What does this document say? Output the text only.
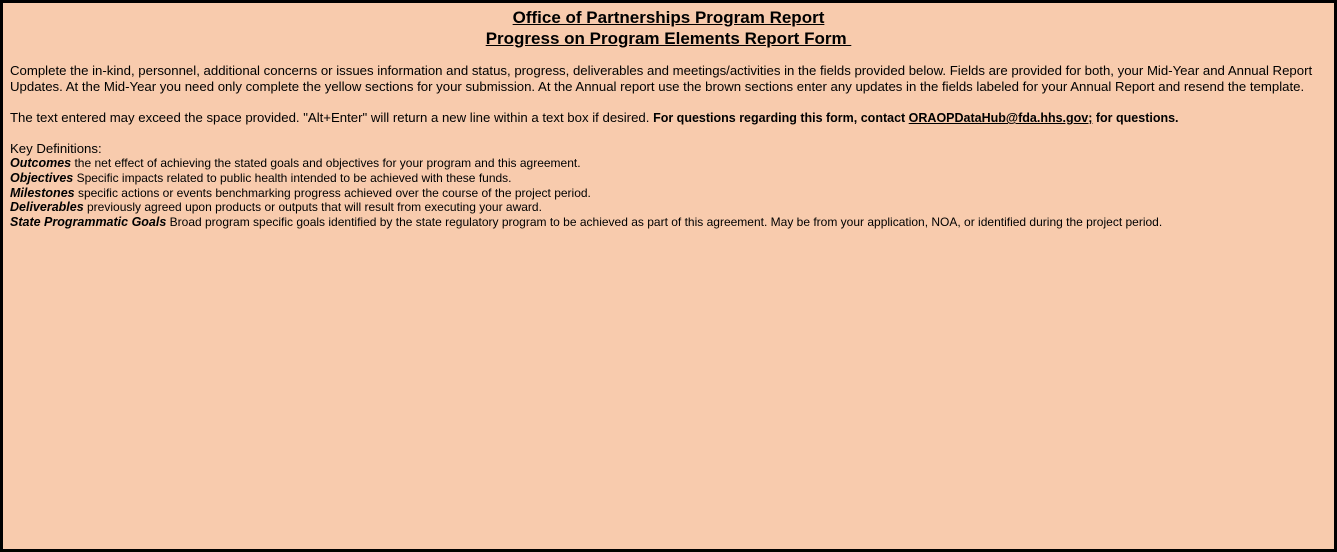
Office of Partnerships Program Report
Progress on Program Elements Report Form

Complete the in-kind, personnel, additional concerns or issues information and status, progress, deliverables and meetings/activities in the fields provided below. Fields are provided for both, your Mid-Year and Annual Report Updates. At the Mid-Year you need only complete the yellow sections for your submission. At the Annual report use the brown sections enter any updates in the fields labeled for your Annual Report and resend the template.

The text entered may exceed the space provided. "Alt+Enter" will return a new line within a text box if desired. For questions regarding this form, contact ORAOPDataHub@fda.hhs.gov; for questions.

Key Definitions:
Outcomes the net effect of achieving the stated goals and objectives for your program and this agreement.
Objectives Specific impacts related to public health intended to be achieved with these funds.
Milestones specific actions or events benchmarking progress achieved over the course of the project period.
Deliverables previously agreed upon products or outputs that will result from executing your award.
State Programmatic Goals Broad program specific goals identified by the state regulatory program to be achieved as part of this agreement. May be from your application, NOA, or identified during the project period.
